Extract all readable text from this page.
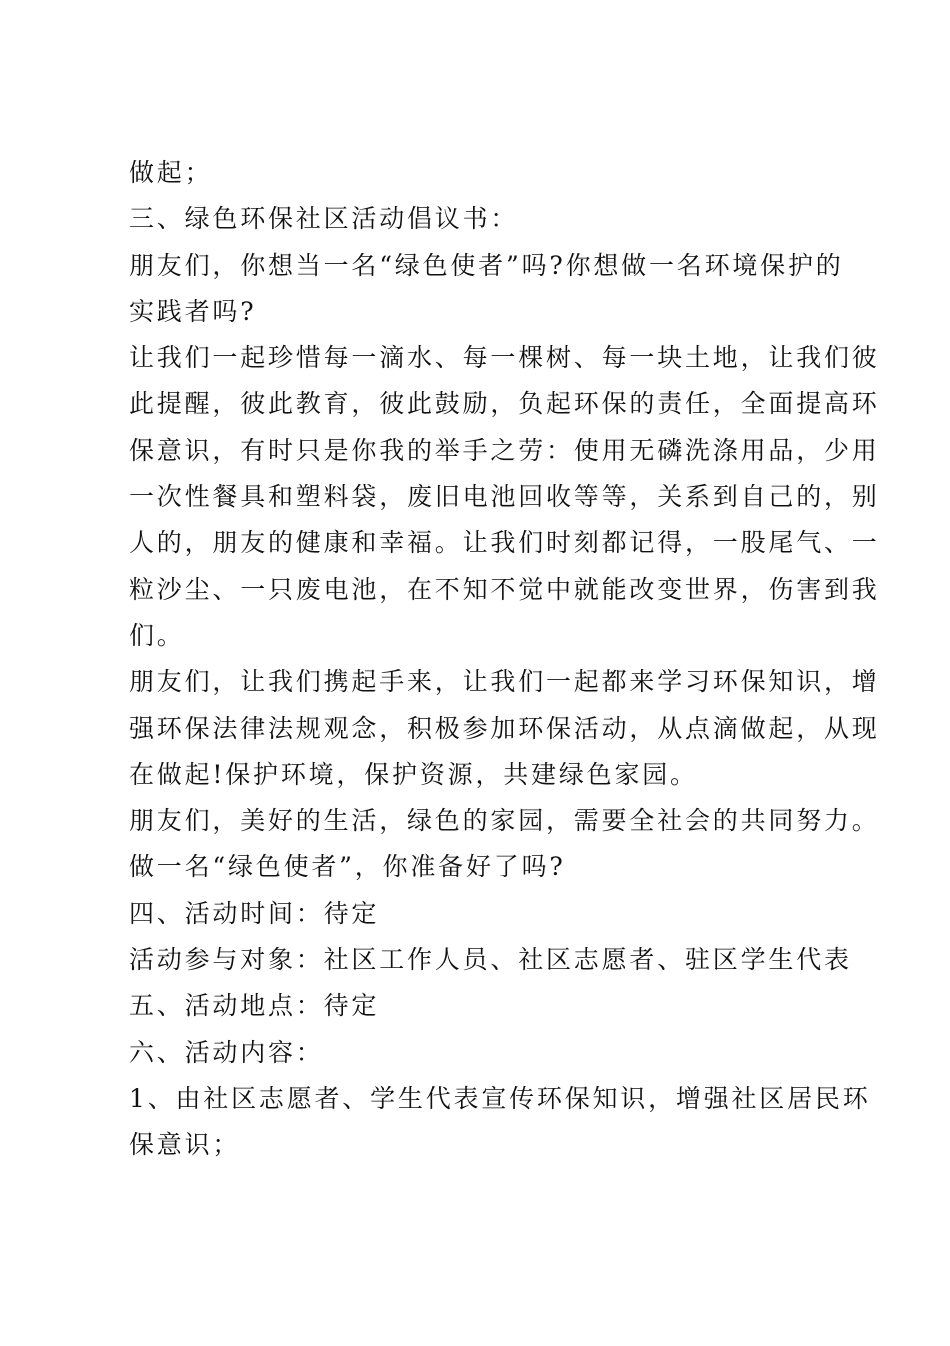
做起；
三、绿色环保社区活动倡议书：
朋友们，你想当一名“绿色使者”吗?你想做一名环境保护的
实践者吗?
让我们一起珍惜每一滴水、每一棵树、每一块土地，让我们彼
此提醒，彼此教育，彼此鼓励，负起环保的责任，全面提高环
保意识，有时只是你我的举手之劳：使用无磷洗涤用品，少用
一次性餐具和塑料袋，废旧电池回收等等，关系到自己的，别
人的，朋友的健康和幸福。让我们时刻都记得，一股尾气、一
粒沙尘、一只废电池，在不知不觉中就能改变世界，伤害到我
们。
朋友们，让我们携起手来，让我们一起都来学习环保知识，增
强环保法律法规观念，积极参加环保活动，从点滴做起，从现
在做起!保护环境，保护资源，共建绿色家园。
朋友们，美好的生活，绿色的家园，需要全社会的共同努力。
做一名“绿色使者”，你准备好了吗?
四、活动时间：待定
活动参与对象：社区工作人员、社区志愿者、驻区学生代表
五、活动地点：待定
六、活动内容：
1、由社区志愿者、学生代表宣传环保知识，增强社区居民环
保意识；
